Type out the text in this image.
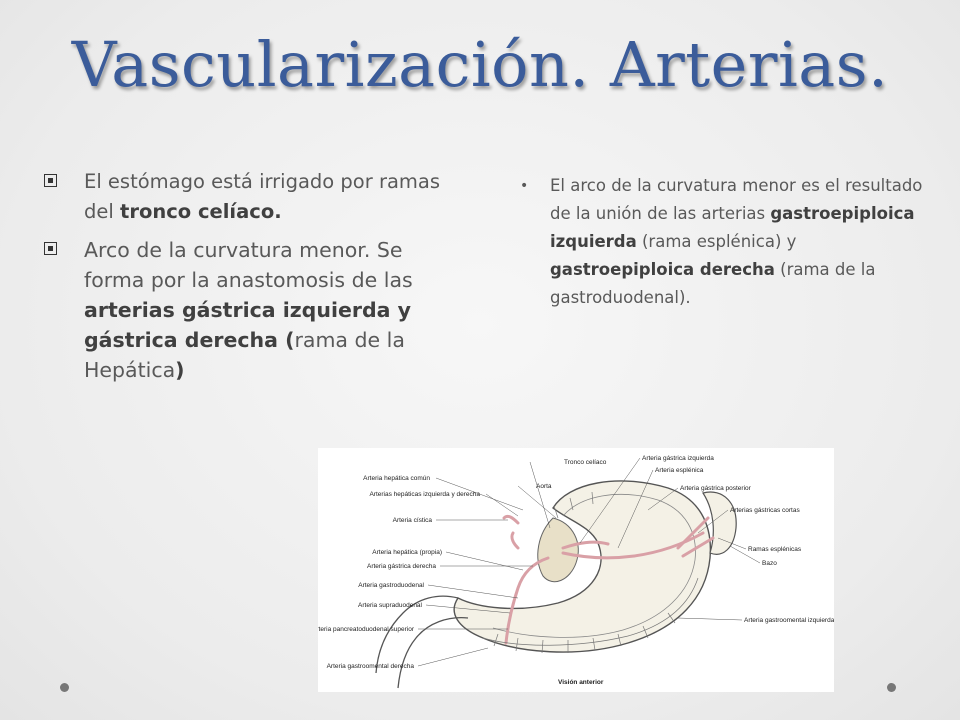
Vascularización. Arterias.
El estómago está irrigado por ramas del tronco celíaco.
Arco de la curvatura menor. Se forma por la anastomosis de las arterias gástrica izquierda y gástrica derecha (rama de la Hepática)
•	El arco de la curvatura menor es el resultado de la unión de las arterias gastroepiploica izquierda (rama esplénica) y gastroepiploica derecha (rama de la gastroduodenal).
Arteria hepática común
Arterias hepáticas izquierda y derecha
Arteria cística
Arteria hepática (propia)
Arteria gástrica derecha
Arteria gastroduodenal
Arteria supraduodenal
Arteria pancreatoduodenal superior
Arteria gastroomental derecha
Tronco celíaco
Aorta
Arteria gástrica izquierda
Arteria esplénica
Arteria gástrica posterior
Arterias gástricas cortas
Ramas esplénicas
Bazo
Arteria gastroomental izquierda
Visión anterior
